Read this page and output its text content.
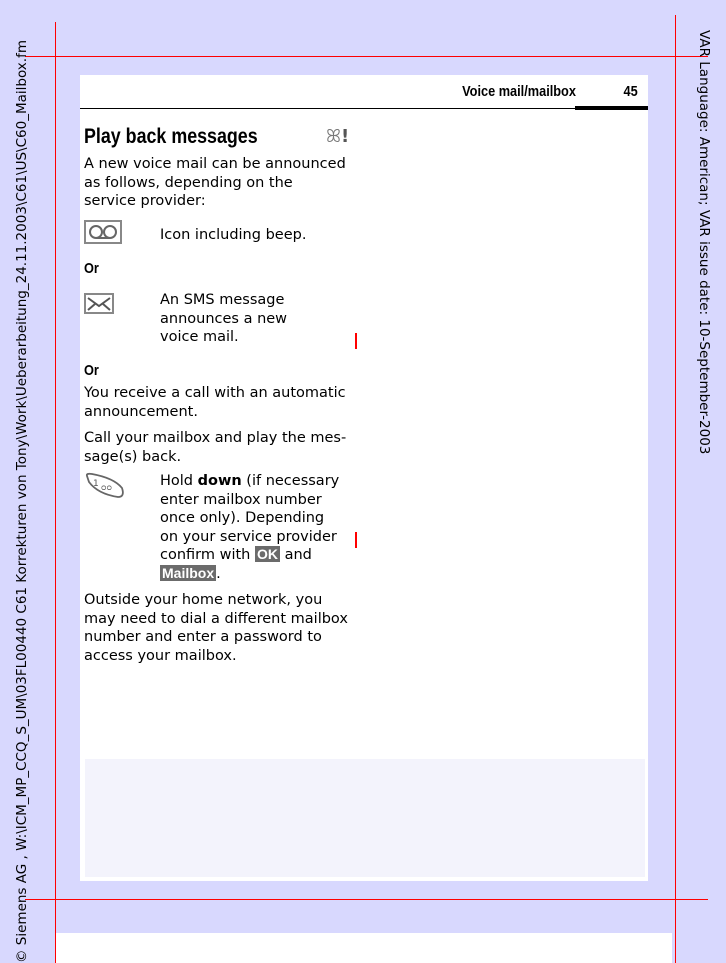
© Siemens AG , W:\ICM_MP_CCQ_S_UM\03FL00440 C61 Korrekturen von Tony\Work\Ueberarbeitung_24.11.2003\C61\US\C60_Mailbox.fm	VAR Language: American; VAR issue date: 10-September-2003
Voice mail/mailbox	45
Play back messages	ꕤ!
A new voice mail can be announced as follows, depending on the service provider:
Icon including beep.
Or
An SMS message announces a new voice mail.
Or
You receive a call with an automatic announcement.
Call your mailbox and play the mes-sage(s) back.
1 ᴑᴑ	Hold down (if necessary enter mailbox number once only). Depending on your service provider confirm with OK and Mailbox .
Outside your home network, you may need to dial a different mailbox number and enter a password to access your mailbox.
